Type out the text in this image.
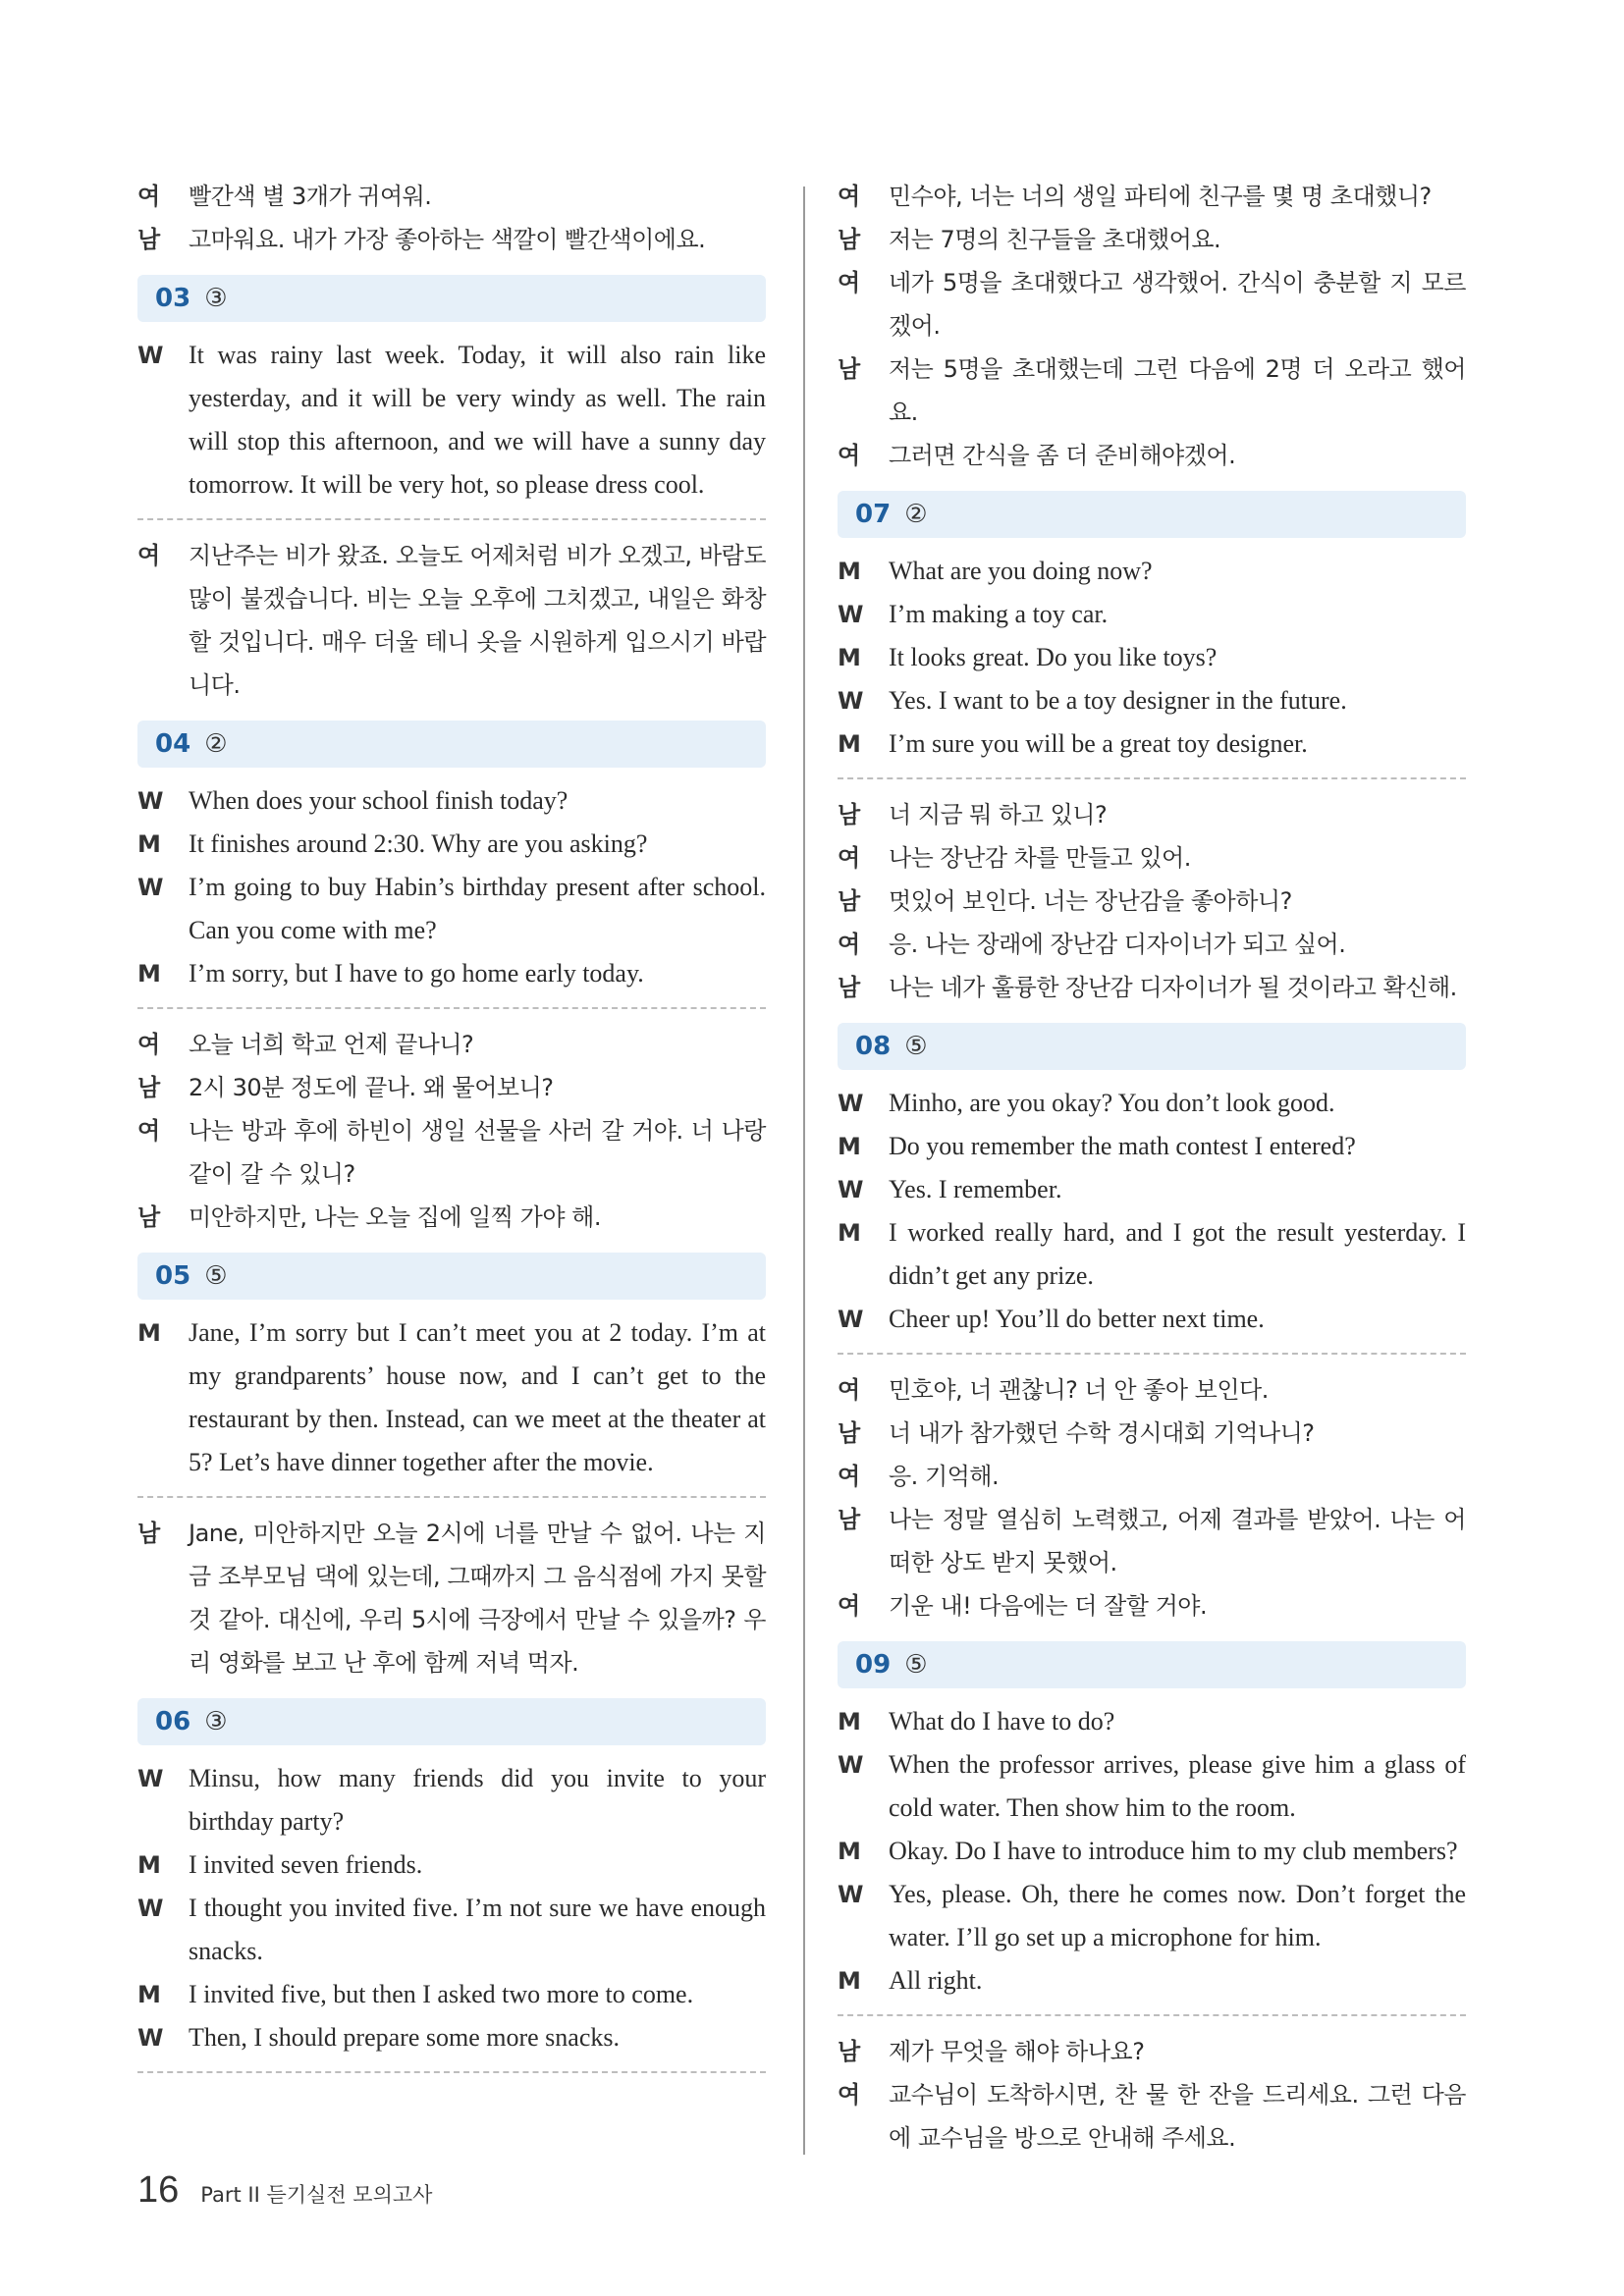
여 빨간색 별 3개가 귀여워.
남 고마워요. 내가 가장 좋아하는 색깔이 빨간색이에요.
03 ③
W It was rainy last week. Today, it will also rain like yesterday, and it will be very windy as well. The rain will stop this afternoon, and we will have a sunny day tomorrow. It will be very hot, so please dress cool.
여 지난주는 비가 왔죠. 오늘도 어제처럼 비가 오겠고, 바람도 많이 불겠습니다. 비는 오늘 오후에 그치겠고, 내일은 화창할 것입니다. 매우 더울 테니 옷을 시원하게 입으시기 바랍니다.
04 ②
W When does your school finish today?
M It finishes around 2:30. Why are you asking?
W I’m going to buy Habin’s birthday present after school. Can you come with me?
M I’m sorry, but I have to go home early today.
여 오늘 너희 학교 언제 끝나니?
남 2시 30분 정도에 끝나. 왜 물어보니?
여 나는 방과 후에 하빈이 생일 선물을 사러 갈 거야. 너 나랑 같이 갈 수 있니?
남 미안하지만, 나는 오늘 집에 일찍 가야 해.
05 ⑤
M Jane, I’m sorry but I can’t meet you at 2 today. I’m at my grandparents’ house now, and I can’t get to the restaurant by then. Instead, can we meet at the theater at 5? Let’s have dinner together after the movie.
남 Jane, 미안하지만 오늘 2시에 너를 만날 수 없어. 나는 지금 조부모님 댁에 있는데, 그때까지 그 음식점에 가지 못할 것 같아. 대신에, 우리 5시에 극장에서 만날 수 있을까? 우리 영화를 보고 난 후에 함께 저녁 먹자.
06 ③
W Minsu, how many friends did you invite to your birthday party?
M I invited seven friends.
W I thought you invited five. I’m not sure we have enough snacks.
M I invited five, but then I asked two more to come.
W Then, I should prepare some more snacks.
여 민수야, 너는 너의 생일 파티에 친구를 몇 명 초대했니?
남 저는 7명의 친구들을 초대했어요.
여 네가 5명을 초대했다고 생각했어. 간식이 충분할 지 모르겠어.
남 저는 5명을 초대했는데 그런 다음에 2명 더 오라고 했어요.
여 그러면 간식을 좀 더 준비해야겠어.
07 ②
M What are you doing now?
W I’m making a toy car.
M It looks great. Do you like toys?
W Yes. I want to be a toy designer in the future.
M I’m sure you will be a great toy designer.
남 너 지금 뭐 하고 있니?
여 나는 장난감 차를 만들고 있어.
남 멋있어 보인다. 너는 장난감을 좋아하니?
여 응. 나는 장래에 장난감 디자이너가 되고 싶어.
남 나는 네가 훌륭한 장난감 디자이너가 될 것이라고 확신해.
08 ⑤
W Minho, are you okay? You don’t look good.
M Do you remember the math contest I entered?
W Yes. I remember.
M I worked really hard, and I got the result yesterday. I didn’t get any prize.
W Cheer up! You’ll do better next time.
여 민호야, 너 괜찮니? 너 안 좋아 보인다.
남 너 내가 참가했던 수학 경시대회 기억나니?
여 응. 기억해.
남 나는 정말 열심히 노력했고, 어제 결과를 받았어. 나는 어떠한 상도 받지 못했어.
여 기운 내! 다음에는 더 잘할 거야.
09 ⑤
M What do I have to do?
W When the professor arrives, please give him a glass of cold water. Then show him to the room.
M Okay. Do I have to introduce him to my club members?
W Yes, please. Oh, there he comes now. Don’t forget the water. I’ll go set up a microphone for him.
M All right.
남 제가 무엇을 해야 하나요?
여 교수님이 도착하시면, 찬 물 한 잔을 드리세요. 그런 다음에 교수님을 방으로 안내해 주세요.
16 Part II 듣기실전 모의고사
